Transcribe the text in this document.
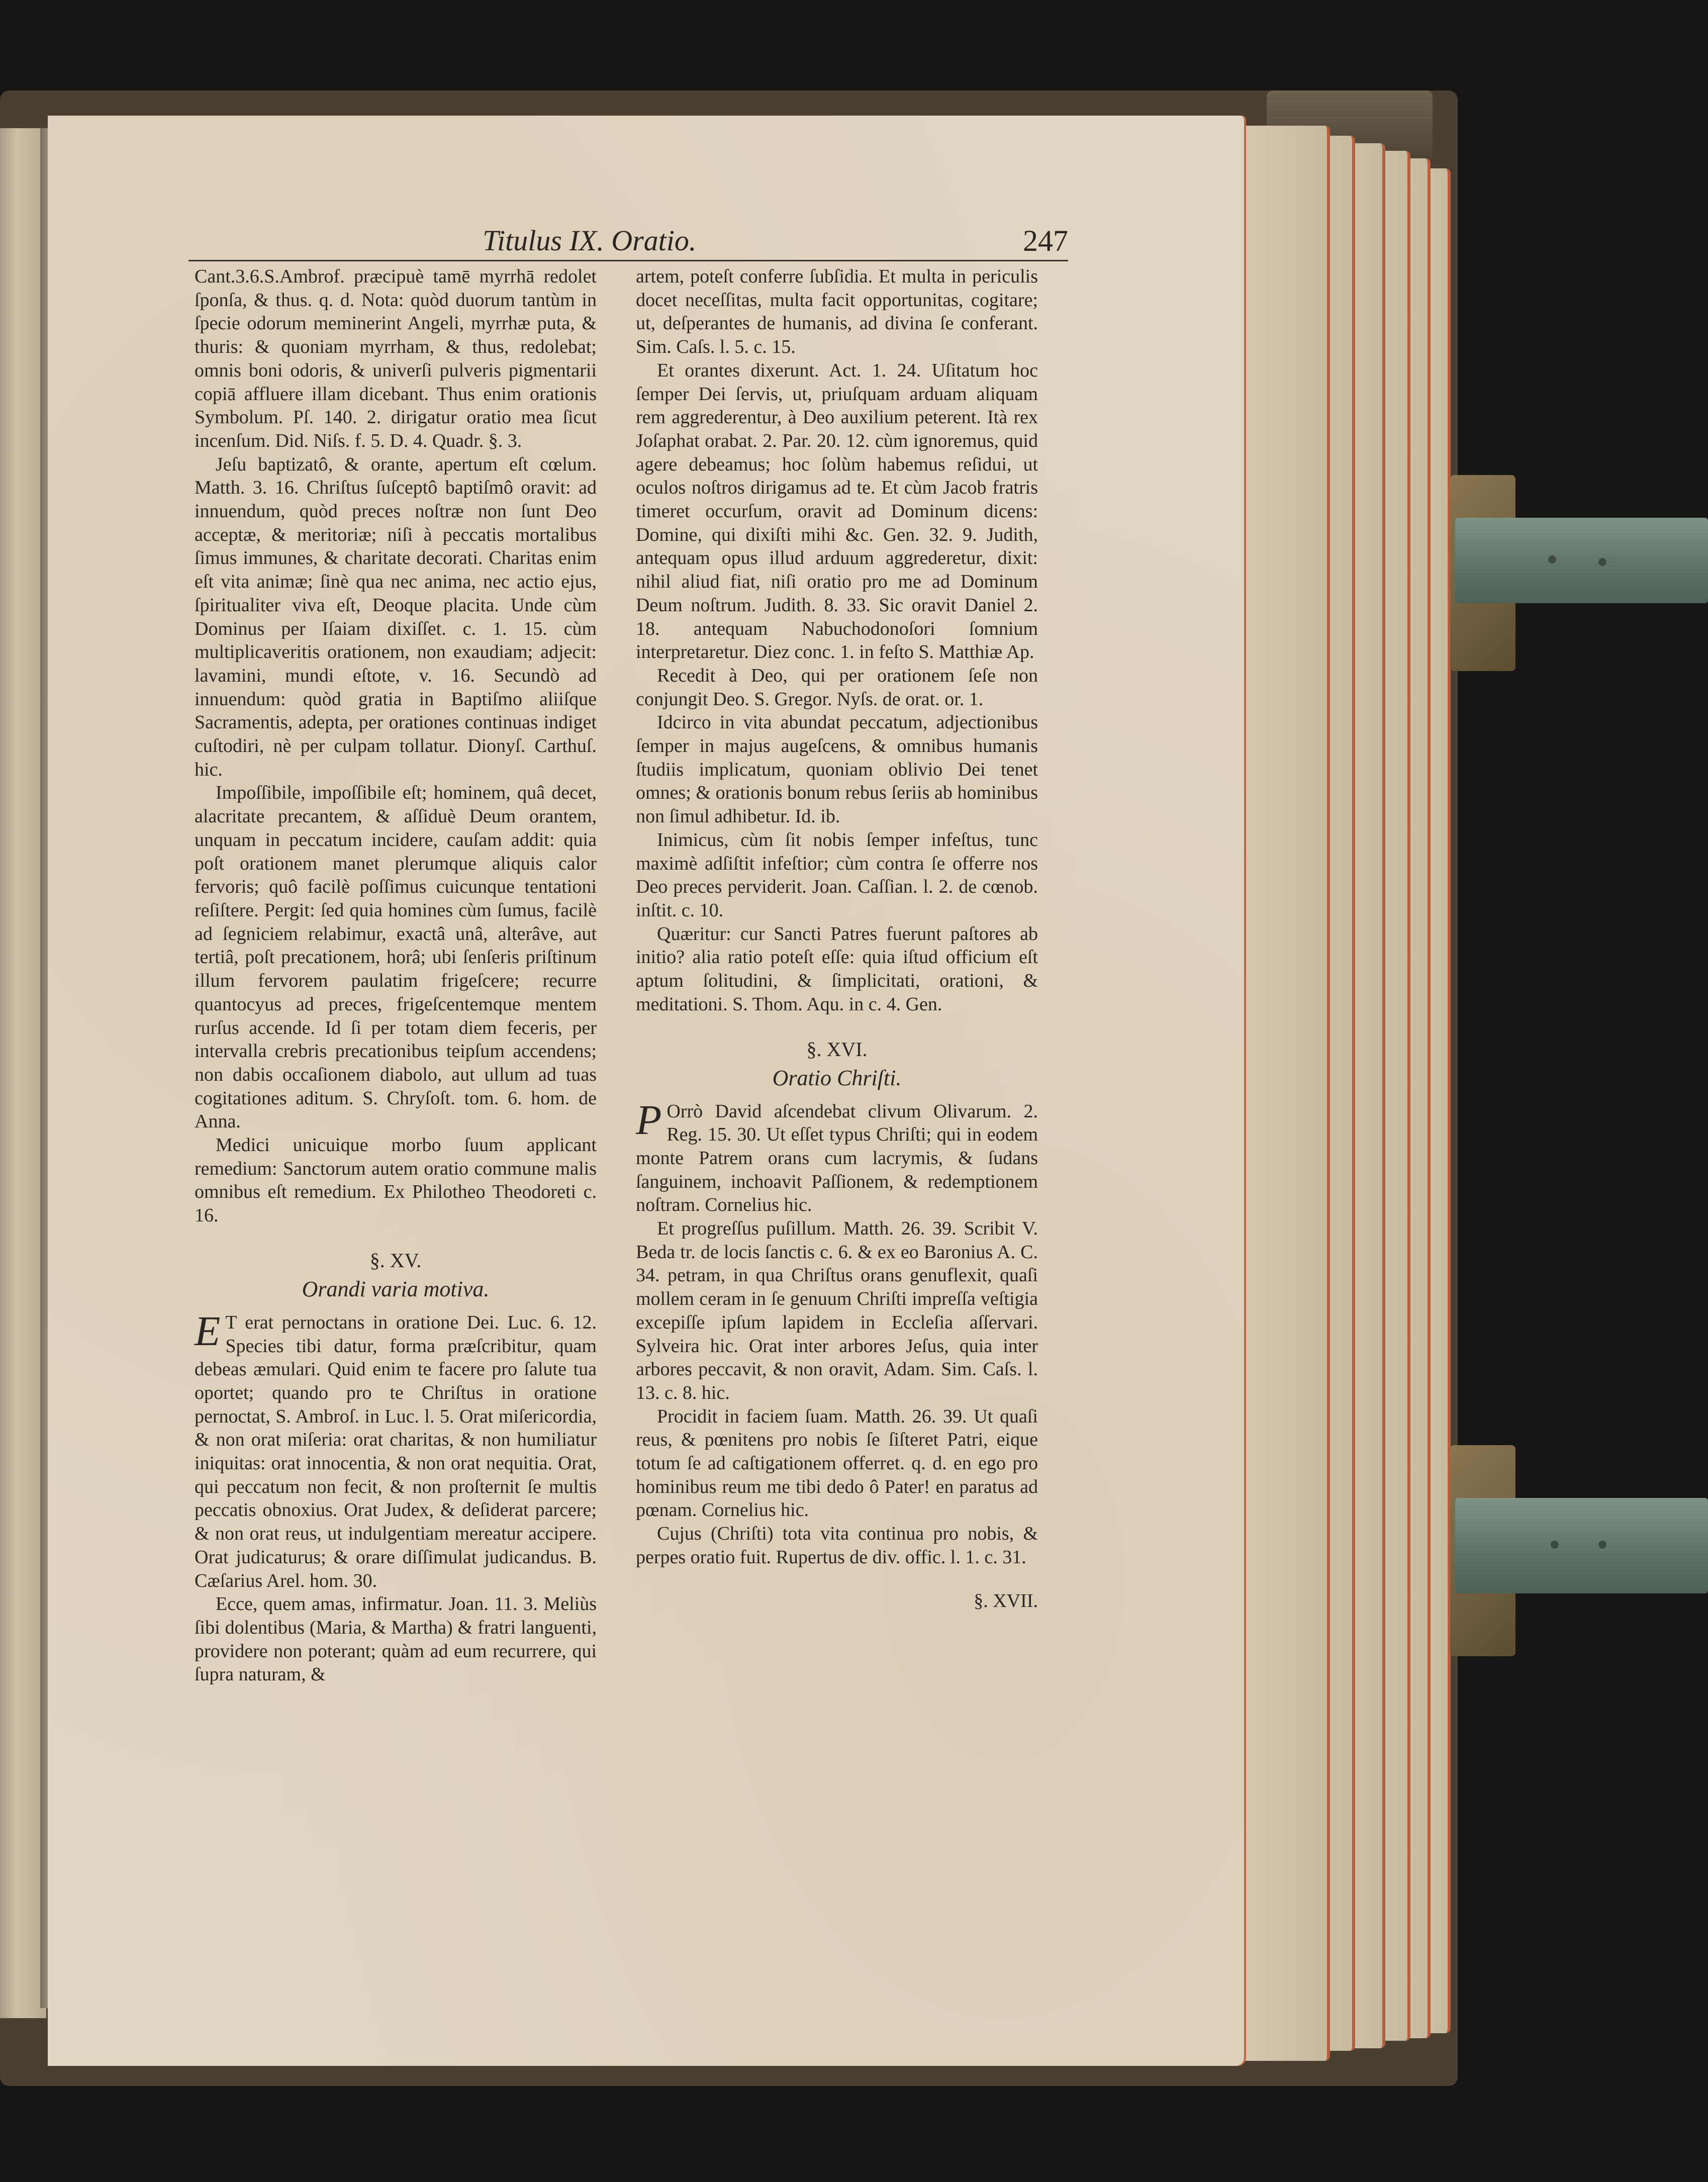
Titulus IX. Oratio.	247

Cant.3.6.S.Ambrof. præcipuè tamē myrrhā redolet ſponſa, & thus. q. d. Nota: quòd duorum tantùm in ſpecie odorum meminerint Angeli, myrrhæ puta, & thuris: & quoniam myrrham, & thus, redolebat; omnis boni odoris, & univerſi pulveris pigmentarii copiā affluere illam dicebant. Thus enim orationis Symbolum. Pſ. 140. 2. dirigatur oratio mea ſicut incenſum. Did. Niſs. f. 5. D. 4. Quadr. §. 3.

Jeſu baptizatô, & orante, apertum eſt cœlum. Matth. 3. 16. Chriſtus ſuſceptô baptiſmô oravit: ad innuendum, quòd preces noſtræ non ſunt Deo acceptæ, & meritoriæ; niſi à peccatis mortalibus ſimus immunes, & charitate decorati. Charitas enim eſt vita animæ; ſinè qua nec anima, nec actio ejus, ſpiritualiter viva eſt, Deoque placita. Unde cùm Dominus per Iſaiam dixiſſet. c. 1. 15. cùm multiplicaveritis orationem, non exaudiam; adjecit: lavamini, mundi eſtote, v. 16. Secundò ad innuendum: quòd gratia in Baptiſmo aliiſque Sacramentis, adepta, per orationes continuas indiget cuſtodiri, nè per culpam tollatur. Dionyſ. Carthuſ. hic.

Impoſſibile, impoſſibile eſt; hominem, quâ decet, alacritate precantem, & aſſiduè Deum orantem, unquam in peccatum incidere, cauſam addit: quia poſt orationem manet plerumque aliquis calor fervoris; quô facilè poſſimus cuicunque tentationi reſiſtere. Pergit: ſed quia homines cùm ſumus, facilè ad ſegniciem relabimur, exactâ unâ, alterâve, aut tertiâ, poſt precationem, horâ; ubi ſenſeris priſtinum illum fervorem paulatim frigeſcere; recurre quantocyus ad preces, frigeſcentemque mentem rurſus accende. Id ſi per totam diem feceris, per intervalla crebris precationibus teipſum accendens; non dabis occaſionem diabolo, aut ullum ad tuas cogitationes aditum. S. Chryſoſt. tom. 6. hom. de Anna.

Medici unicuique morbo ſuum applicant remedium: Sanctorum autem oratio commune malis omnibus eſt remedium. Ex Philotheo Theodoreti c. 16.

§. XV.

Orandi varia motiva.

E T erat pernoctans in oratione Dei. Luc. 6. 12. Species tibi datur, forma præſcribitur, quam debeas æmulari. Quid enim te facere pro ſalute tua oportet; quando pro te Chriſtus in oratione pernoctat, S. Ambroſ. in Luc. l. 5. Orat miſericordia, & non orat miſeria: orat charitas, & non humiliatur iniquitas: orat innocentia, & non orat nequitia. Orat, qui peccatum non fecit, & non proſternit ſe multis peccatis obnoxius. Orat Judex, & deſiderat parcere; & non orat reus, ut indulgentiam mereatur accipere. Orat judicaturus; & orare diſſimulat judicandus. B. Cæſarius Arel. hom. 30.

Ecce, quem amas, infirmatur. Joan. 11. 3. Meliùs ſibi dolentibus (Maria, & Martha) & fratri languenti, providere non poterant; quàm ad eum recurrere, qui ſupra naturam, &

artem, poteſt conferre ſubſidia. Et multa in periculis docet neceſſitas, multa facit opportunitas, cogitare; ut, deſperantes de humanis, ad divina ſe conferant. Sim. Caſs. l. 5. c. 15.

Et orantes dixerunt. Act. 1. 24. Uſitatum hoc ſemper Dei ſervis, ut, priuſquam arduam aliquam rem aggrederentur, à Deo auxilium peterent. Ità rex Joſaphat orabat. 2. Par. 20. 12. cùm ignoremus, quid agere debeamus; hoc ſolùm habemus reſidui, ut oculos noſtros dirigamus ad te. Et cùm Jacob fratris timeret occurſum, oravit ad Dominum dicens: Domine, qui dixiſti mihi &c. Gen. 32. 9. Judith, antequam opus illud arduum aggrederetur, dixit: nihil aliud fiat, niſi oratio pro me ad Dominum Deum noſtrum. Judith. 8. 33. Sic oravit Daniel 2. 18. antequam Nabuchodonoſori ſomnium interpretaretur. Diez conc. 1. in feſto S. Matthiæ Ap.

Recedit à Deo, qui per orationem ſeſe non conjungit Deo. S. Gregor. Nyſs. de orat. or. 1.

Idcirco in vita abundat peccatum, adjectionibus ſemper in majus augeſcens, & omnibus humanis ſtudiis implicatum, quoniam oblivio Dei tenet omnes; & orationis bonum rebus ſeriis ab hominibus non ſimul adhibetur. Id. ib.

Inimicus, cùm ſit nobis ſemper infeſtus, tunc maximè adſiſtit infeſtior; cùm contra ſe offerre nos Deo preces perviderit. Joan. Caſſian. l. 2. de cœnob. inſtit. c. 10.

Quæritur: cur Sancti Patres fuerunt paſtores ab initio? alia ratio poteſt eſſe: quia iſtud officium eſt aptum ſolitudini, & ſimplicitati, orationi, & meditationi. S. Thom. Aqu. in c. 4. Gen.

§. XVI.

Oratio Chriſti.

P Orrò David aſcendebat clivum Olivarum. 2. Reg. 15. 30. Ut eſſet typus Chriſti; qui in eodem monte Patrem orans cum lacrymis, & ſudans ſanguinem, inchoavit Paſſionem, & redemptionem noſtram. Cornelius hic.

Et progreſſus puſillum. Matth. 26. 39. Scribit V. Beda tr. de locis ſanctis c. 6. & ex eo Baronius A. C. 34. petram, in qua Chriſtus orans genuflexit, quaſi mollem ceram in ſe genuum Chriſti impreſſa veſtigia excepiſſe ipſum lapidem in Eccleſia aſſervari. Sylveira hic. Orat inter arbores Jeſus, quia inter arbores peccavit, & non oravit, Adam. Sim. Caſs. l. 13. c. 8. hic.

Procidit in faciem ſuam. Matth. 26. 39. Ut quaſi reus, & pœnitens pro nobis ſe ſiſteret Patri, eique totum ſe ad caſtigationem offerret. q. d. en ego pro hominibus reum me tibi dedo ô Pater! en paratus ad pœnam. Cornelius hic.

Cujus (Chriſti) tota vita continua pro nobis, & perpes oratio fuit. Rupertus de div. offic. l. 1. c. 31.

§. XVII.
